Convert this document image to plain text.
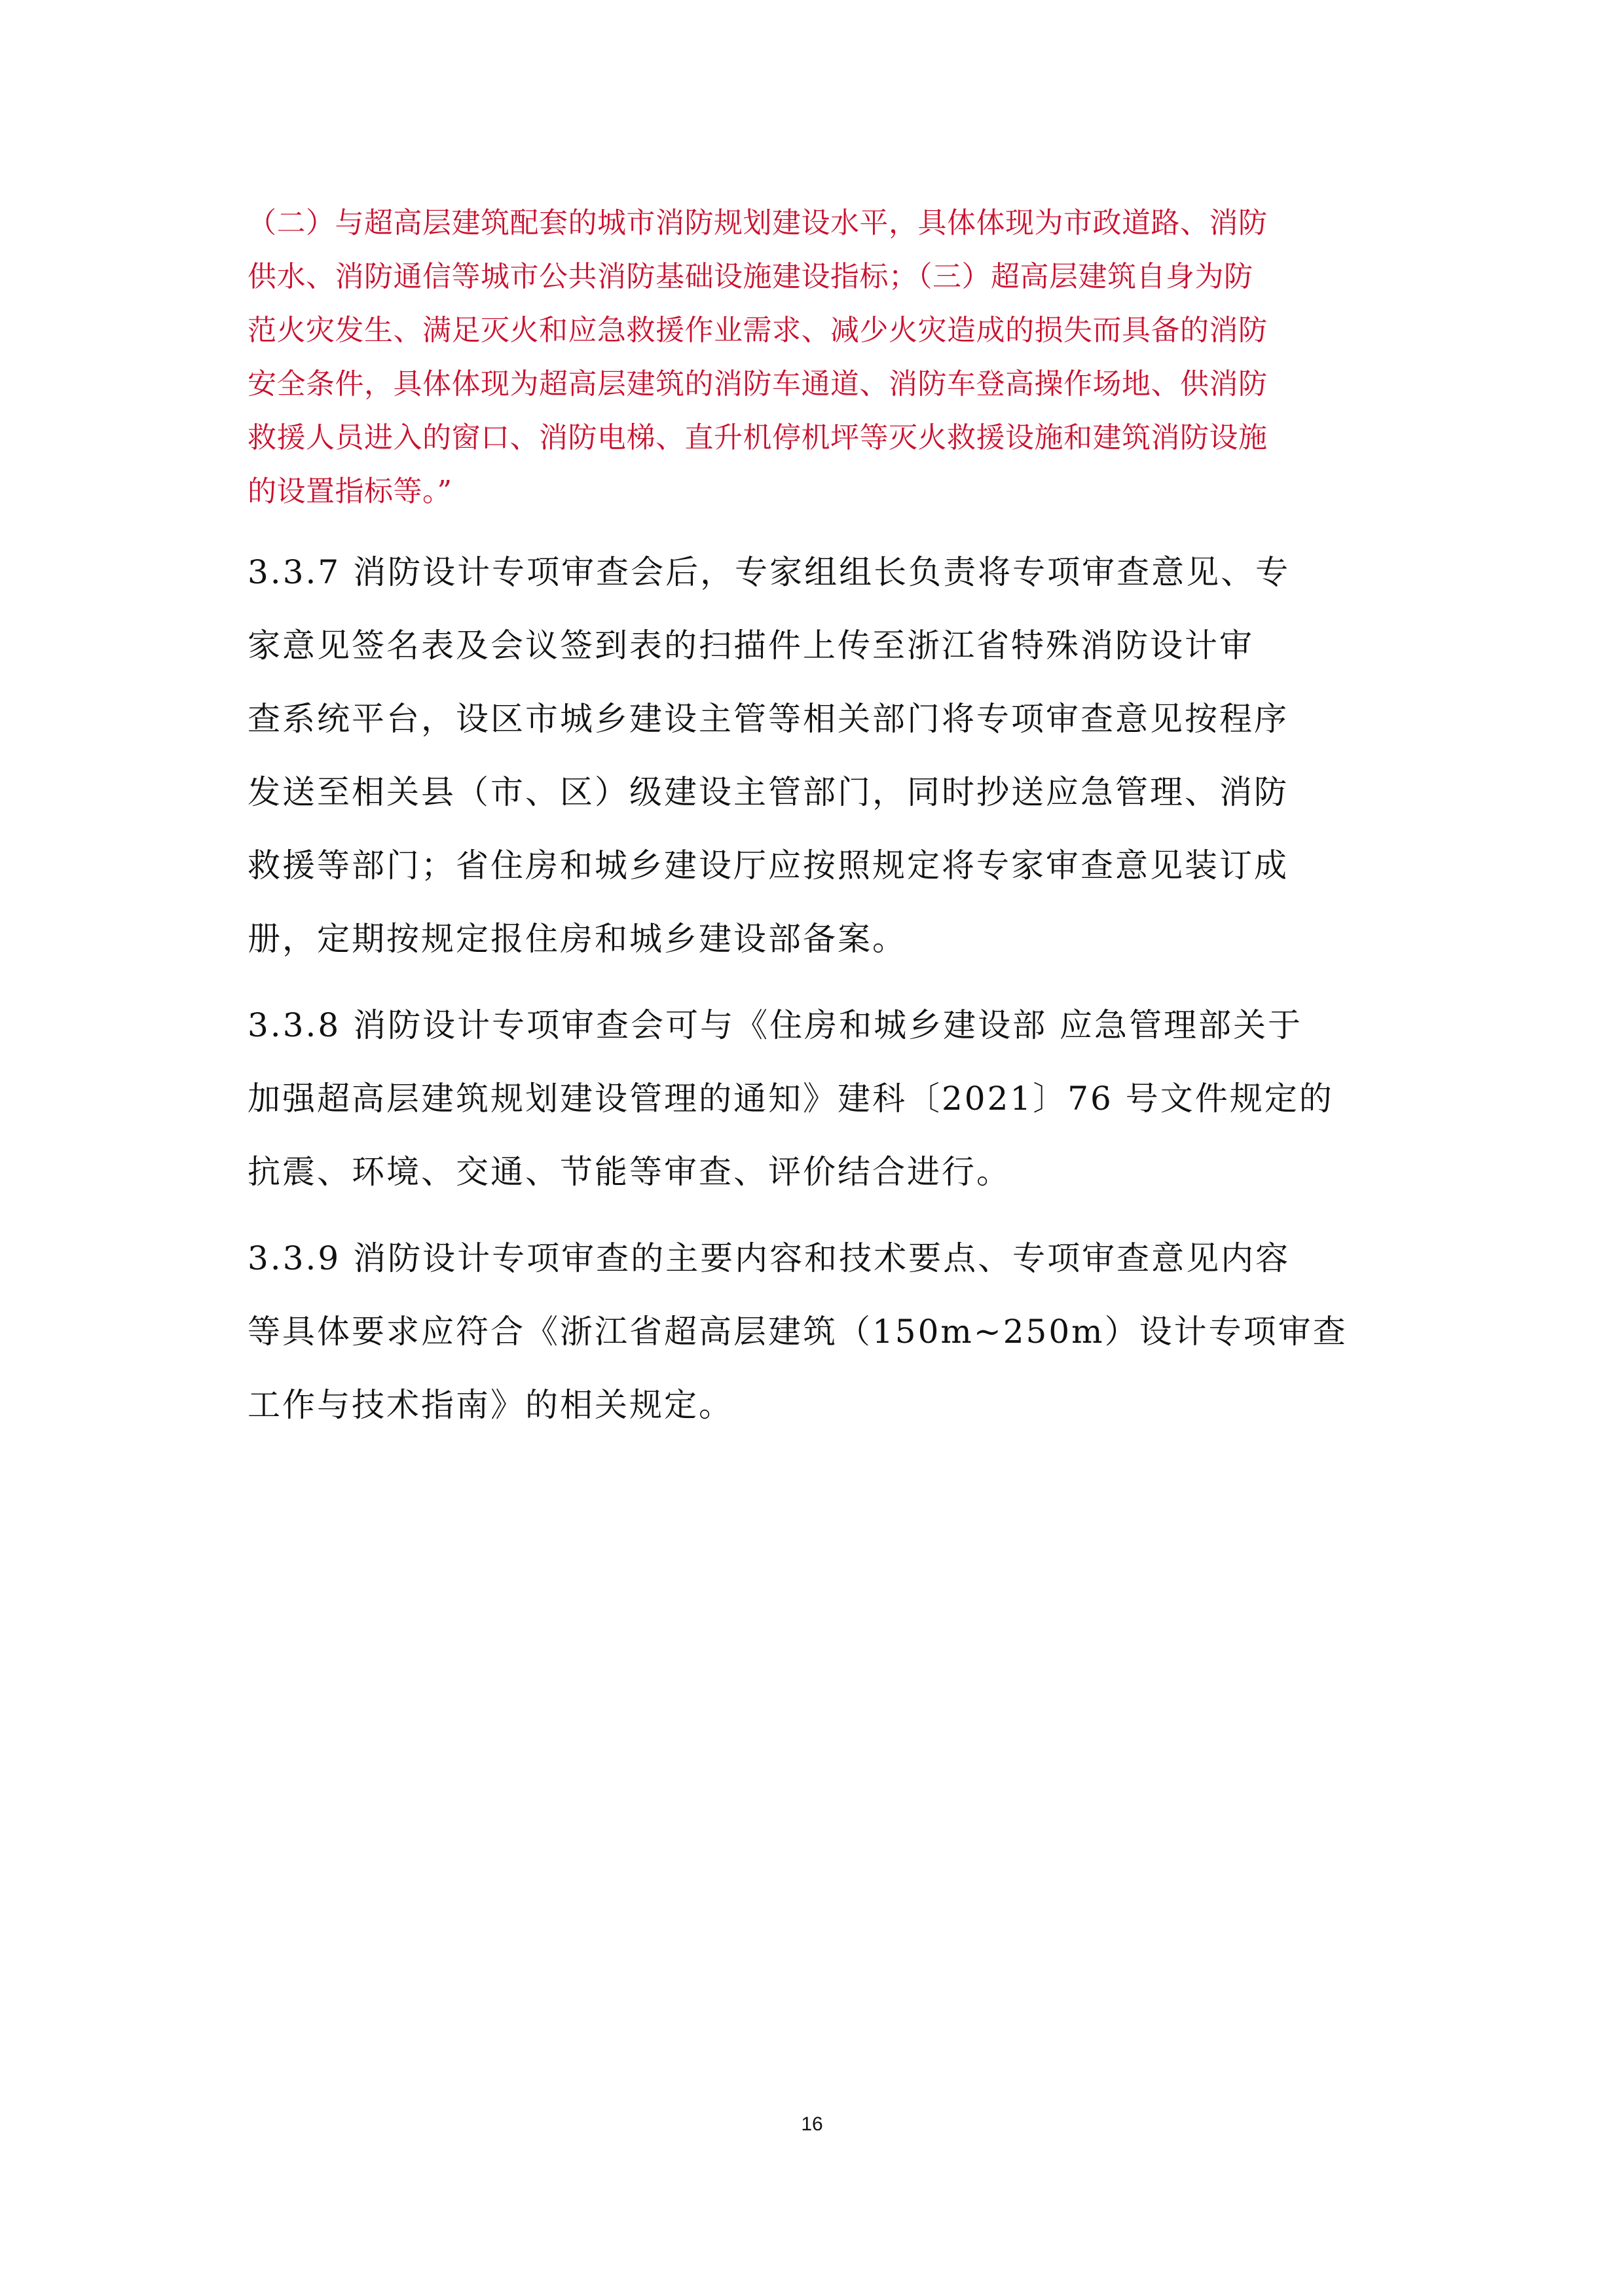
（二）与超高层建筑配套的城市消防规划建设水平，具体体现为市政道路、消防
供水、消防通信等城市公共消防基础设施建设指标；（三）超高层建筑自身为防
范火灾发生、满足灭火和应急救援作业需求、减少火灾造成的损失而具备的消防
安全条件，具体体现为超高层建筑的消防车通道、消防车登高操作场地、供消防
救援人员进入的窗口、消防电梯、直升机停机坪等灭火救援设施和建筑消防设施
的设置指标等。”
3.3.7 消防设计专项审查会后，专家组组长负责将专项审查意见、专
家意见签名表及会议签到表的扫描件上传至浙江省特殊消防设计审
查系统平台，设区市城乡建设主管等相关部门将专项审查意见按程序
发送至相关县（市、区）级建设主管部门，同时抄送应急管理、消防
救援等部门；省住房和城乡建设厅应按照规定将专家审查意见装订成
册，定期按规定报住房和城乡建设部备案。
3.3.8 消防设计专项审查会可与《住房和城乡建设部 应急管理部关于
加强超高层建筑规划建设管理的通知》建科〔2021〕76 号文件规定的
抗震、环境、交通、节能等审查、评价结合进行。
3.3.9 消防设计专项审查的主要内容和技术要点、专项审查意见内容
等具体要求应符合《浙江省超高层建筑（150m~250m）设计专项审查
工作与技术指南》的相关规定。
16
